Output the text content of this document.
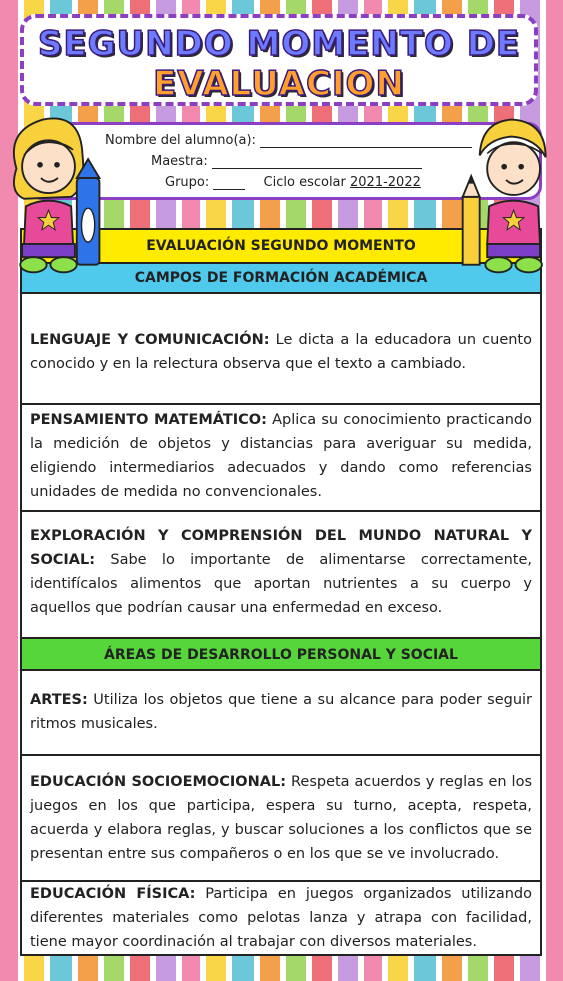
SEGUNDO MOMENTO DE
EVALUACION
Nombre del alumno(a):
Maestra:
Grupo:	Ciclo escolar 2021-2022
EVALUACIÓN SEGUNDO MOMENTO
CAMPOS DE FORMACIÓN ACADÉMICA
LENGUAJE Y COMUNICACIÓN: Le dicta a la educadora un cuento conocido y en la relectura observa que el texto a cambiado.
PENSAMIENTO MATEMÁTICO: Aplica su conocimiento practicando la medición de objetos y distancias para averiguar su medida, eligiendo intermediarios adecuados y dando como referencias unidades de medida no convencionales.
EXPLORACIÓN Y COMPRENSIÓN DEL MUNDO NATURAL Y SOCIAL: Sabe lo importante de alimentarse correctamente, identifícalos alimentos que aportan nutrientes a su cuerpo y aquellos que podrían causar una enfermedad en exceso.
ÁREAS DE DESARROLLO PERSONAL Y SOCIAL
ARTES: Utiliza los objetos que tiene a su alcance para poder seguir ritmos musicales.
EDUCACIÓN SOCIOEMOCIONAL: Respeta acuerdos y reglas en los juegos en los que participa, espera su turno, acepta, respeta, acuerda y elabora reglas, y buscar soluciones a los conflictos que se presentan entre sus compañeros o en los que se ve involucrado.
EDUCACIÓN FÍSICA: Participa en juegos organizados utilizando diferentes materiales como pelotas lanza y atrapa con facilidad, tiene mayor coordinación al trabajar con diversos materiales.
